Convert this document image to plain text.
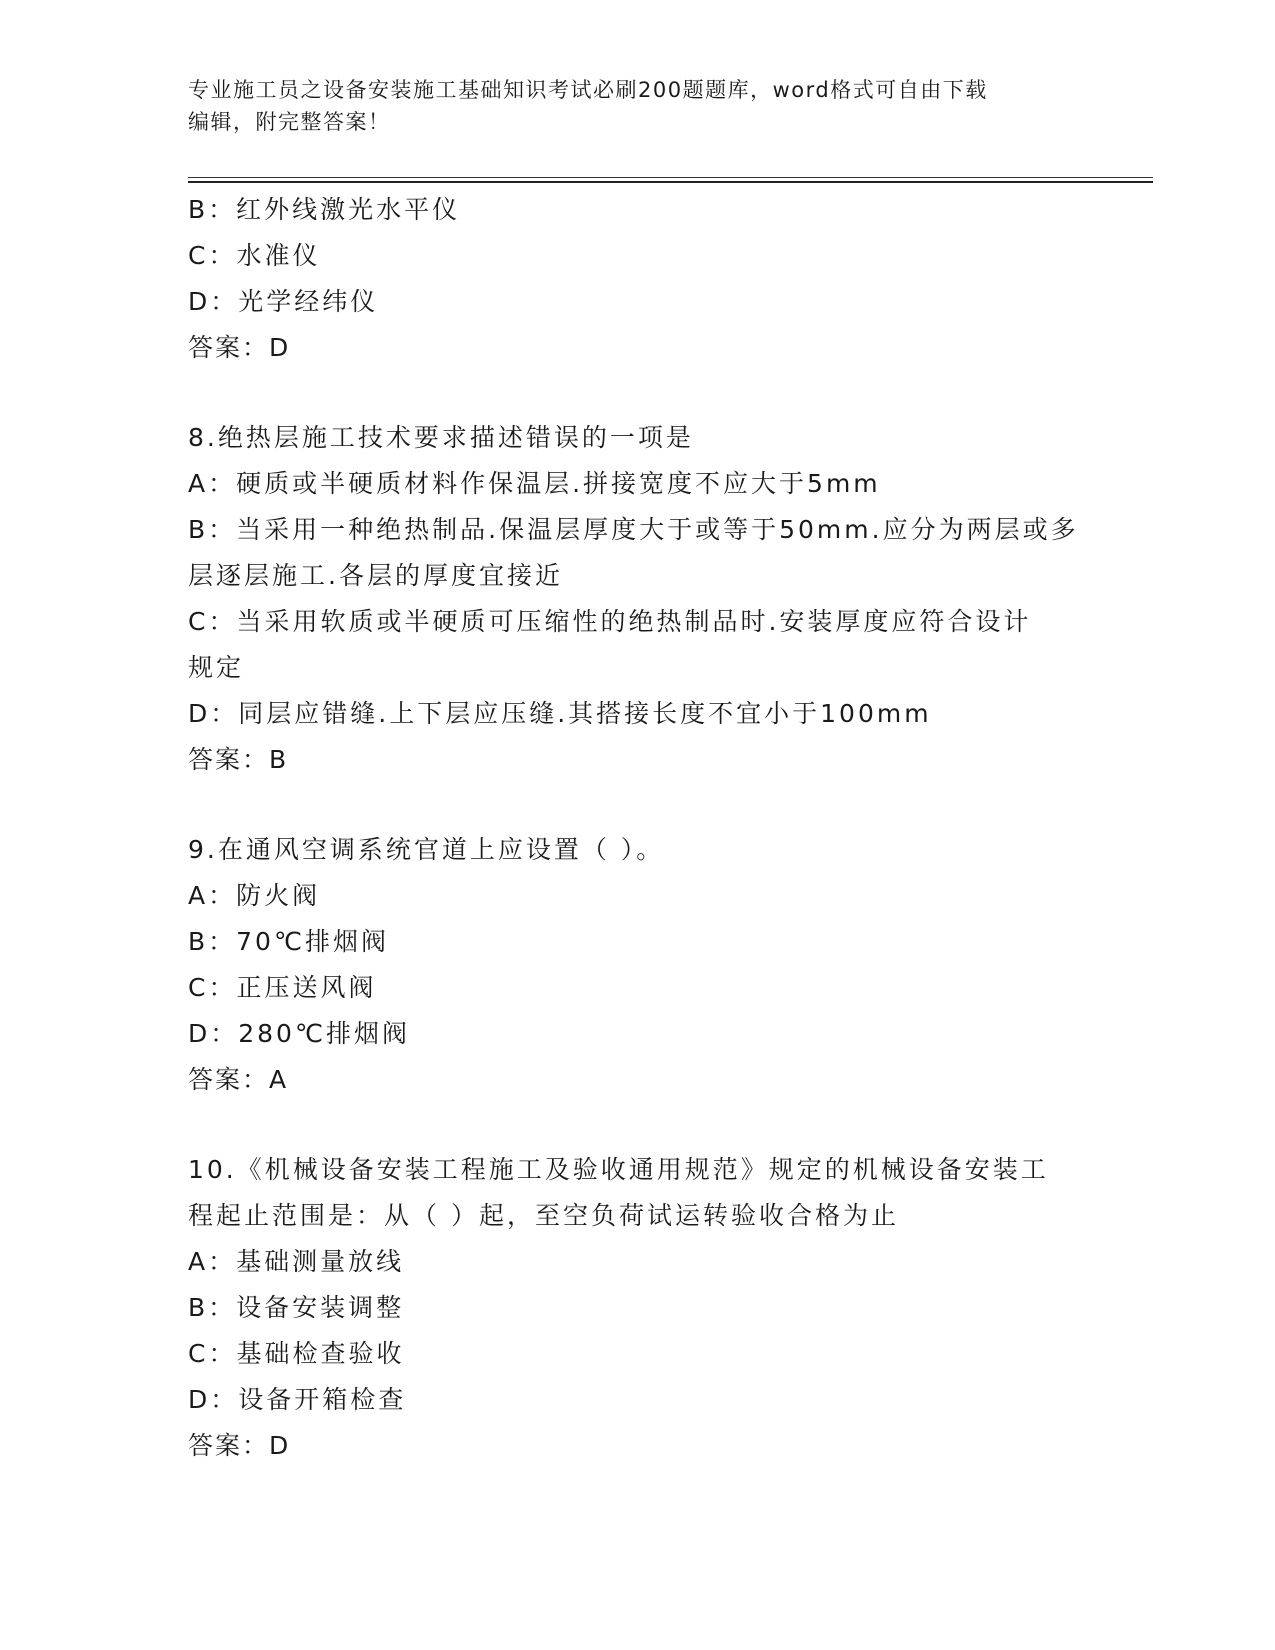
专业施工员之设备安装施工基础知识考试必刷200题题库，word格式可自由下载
编辑，附完整答案！
B：红外线激光水平仪
C：水准仪
D：光学经纬仪
答案：D
8.绝热层施工技术要求描述错误的一项是
A：硬质或半硬质材料作保温层.拼接宽度不应大于5mm
B：当采用一种绝热制品.保温层厚度大于或等于50mm.应分为两层或多
层逐层施工.各层的厚度宜接近
C：当采用软质或半硬质可压缩性的绝热制品时.安装厚度应符合设计
规定
D：同层应错缝.上下层应压缝.其搭接长度不宜小于100mm
答案：B
9.在通风空调系统官道上应设置（ ）。
A：防火阀
B：70℃排烟阀
C：正压送风阀
D：280℃排烟阀
答案：A
10.《机械设备安装工程施工及验收通用规范》规定的机械设备安装工
程起止范围是：从（ ）起，至空负荷试运转验收合格为止
A：基础测量放线
B：设备安装调整
C：基础检查验收
D：设备开箱检查
答案：D
